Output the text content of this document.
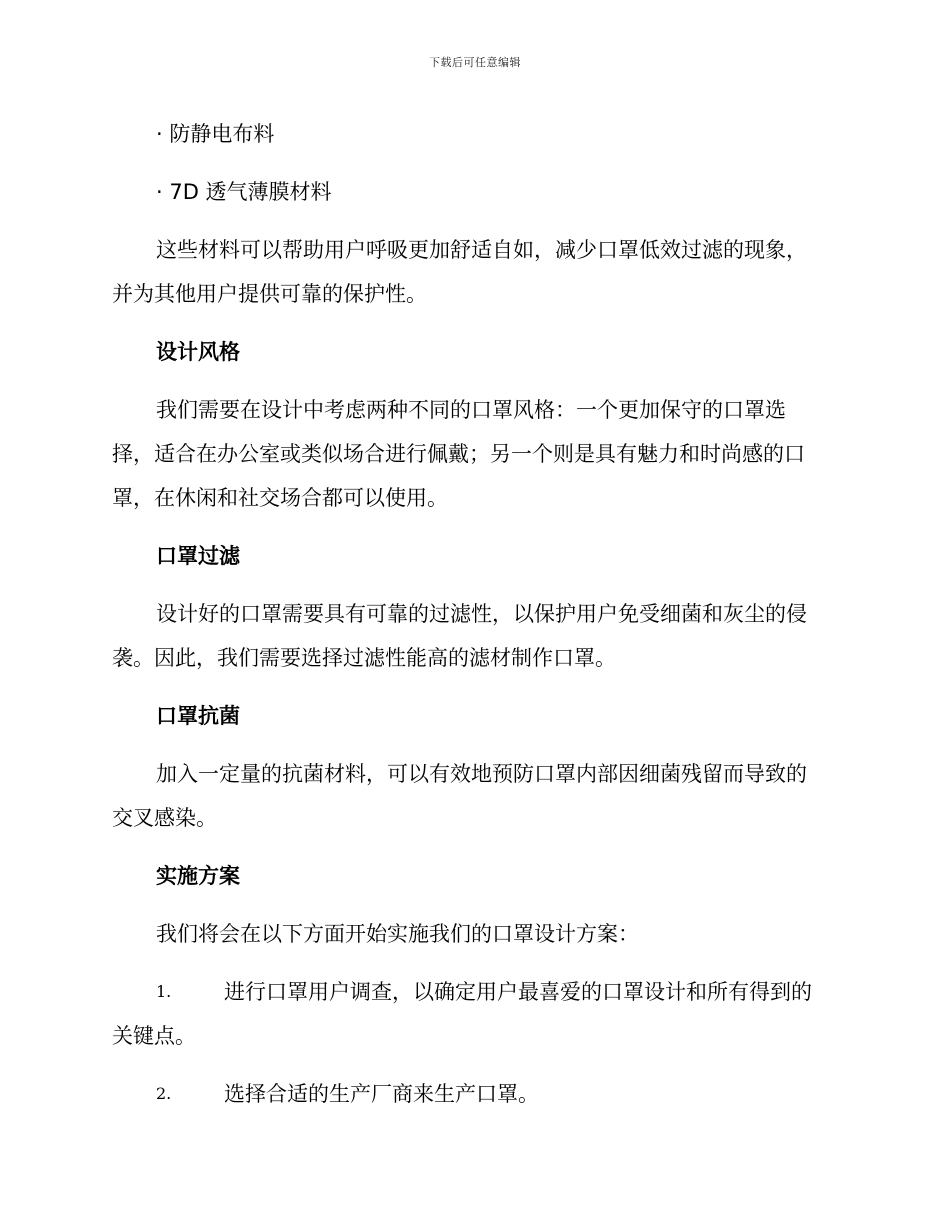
下载后可任意编辑

· 防静电布料

· 7D 透气薄膜材料

这些材料可以帮助用户呼吸更加舒适自如，减少口罩低效过滤的现象，

并为其他用户提供可靠的保护性。

设计风格

我们需要在设计中考虑两种不同的口罩风格：一个更加保守的口罩选

择，适合在办公室或类似场合进行佩戴；另一个则是具有魅力和时尚感的口

罩，在休闲和社交场合都可以使用。

口罩过滤

设计好的口罩需要具有可靠的过滤性，以保护用户免受细菌和灰尘的侵

袭。因此，我们需要选择过滤性能高的滤材制作口罩。

口罩抗菌

加入一定量的抗菌材料，可以有效地预防口罩内部因细菌残留而导致的

交叉感染。

实施方案

我们将会在以下方面开始实施我们的口罩设计方案：

1.	进行口罩用户调查，以确定用户最喜爱的口罩设计和所有得到的

关键点。

2.	选择合适的生产厂商来生产口罩。
